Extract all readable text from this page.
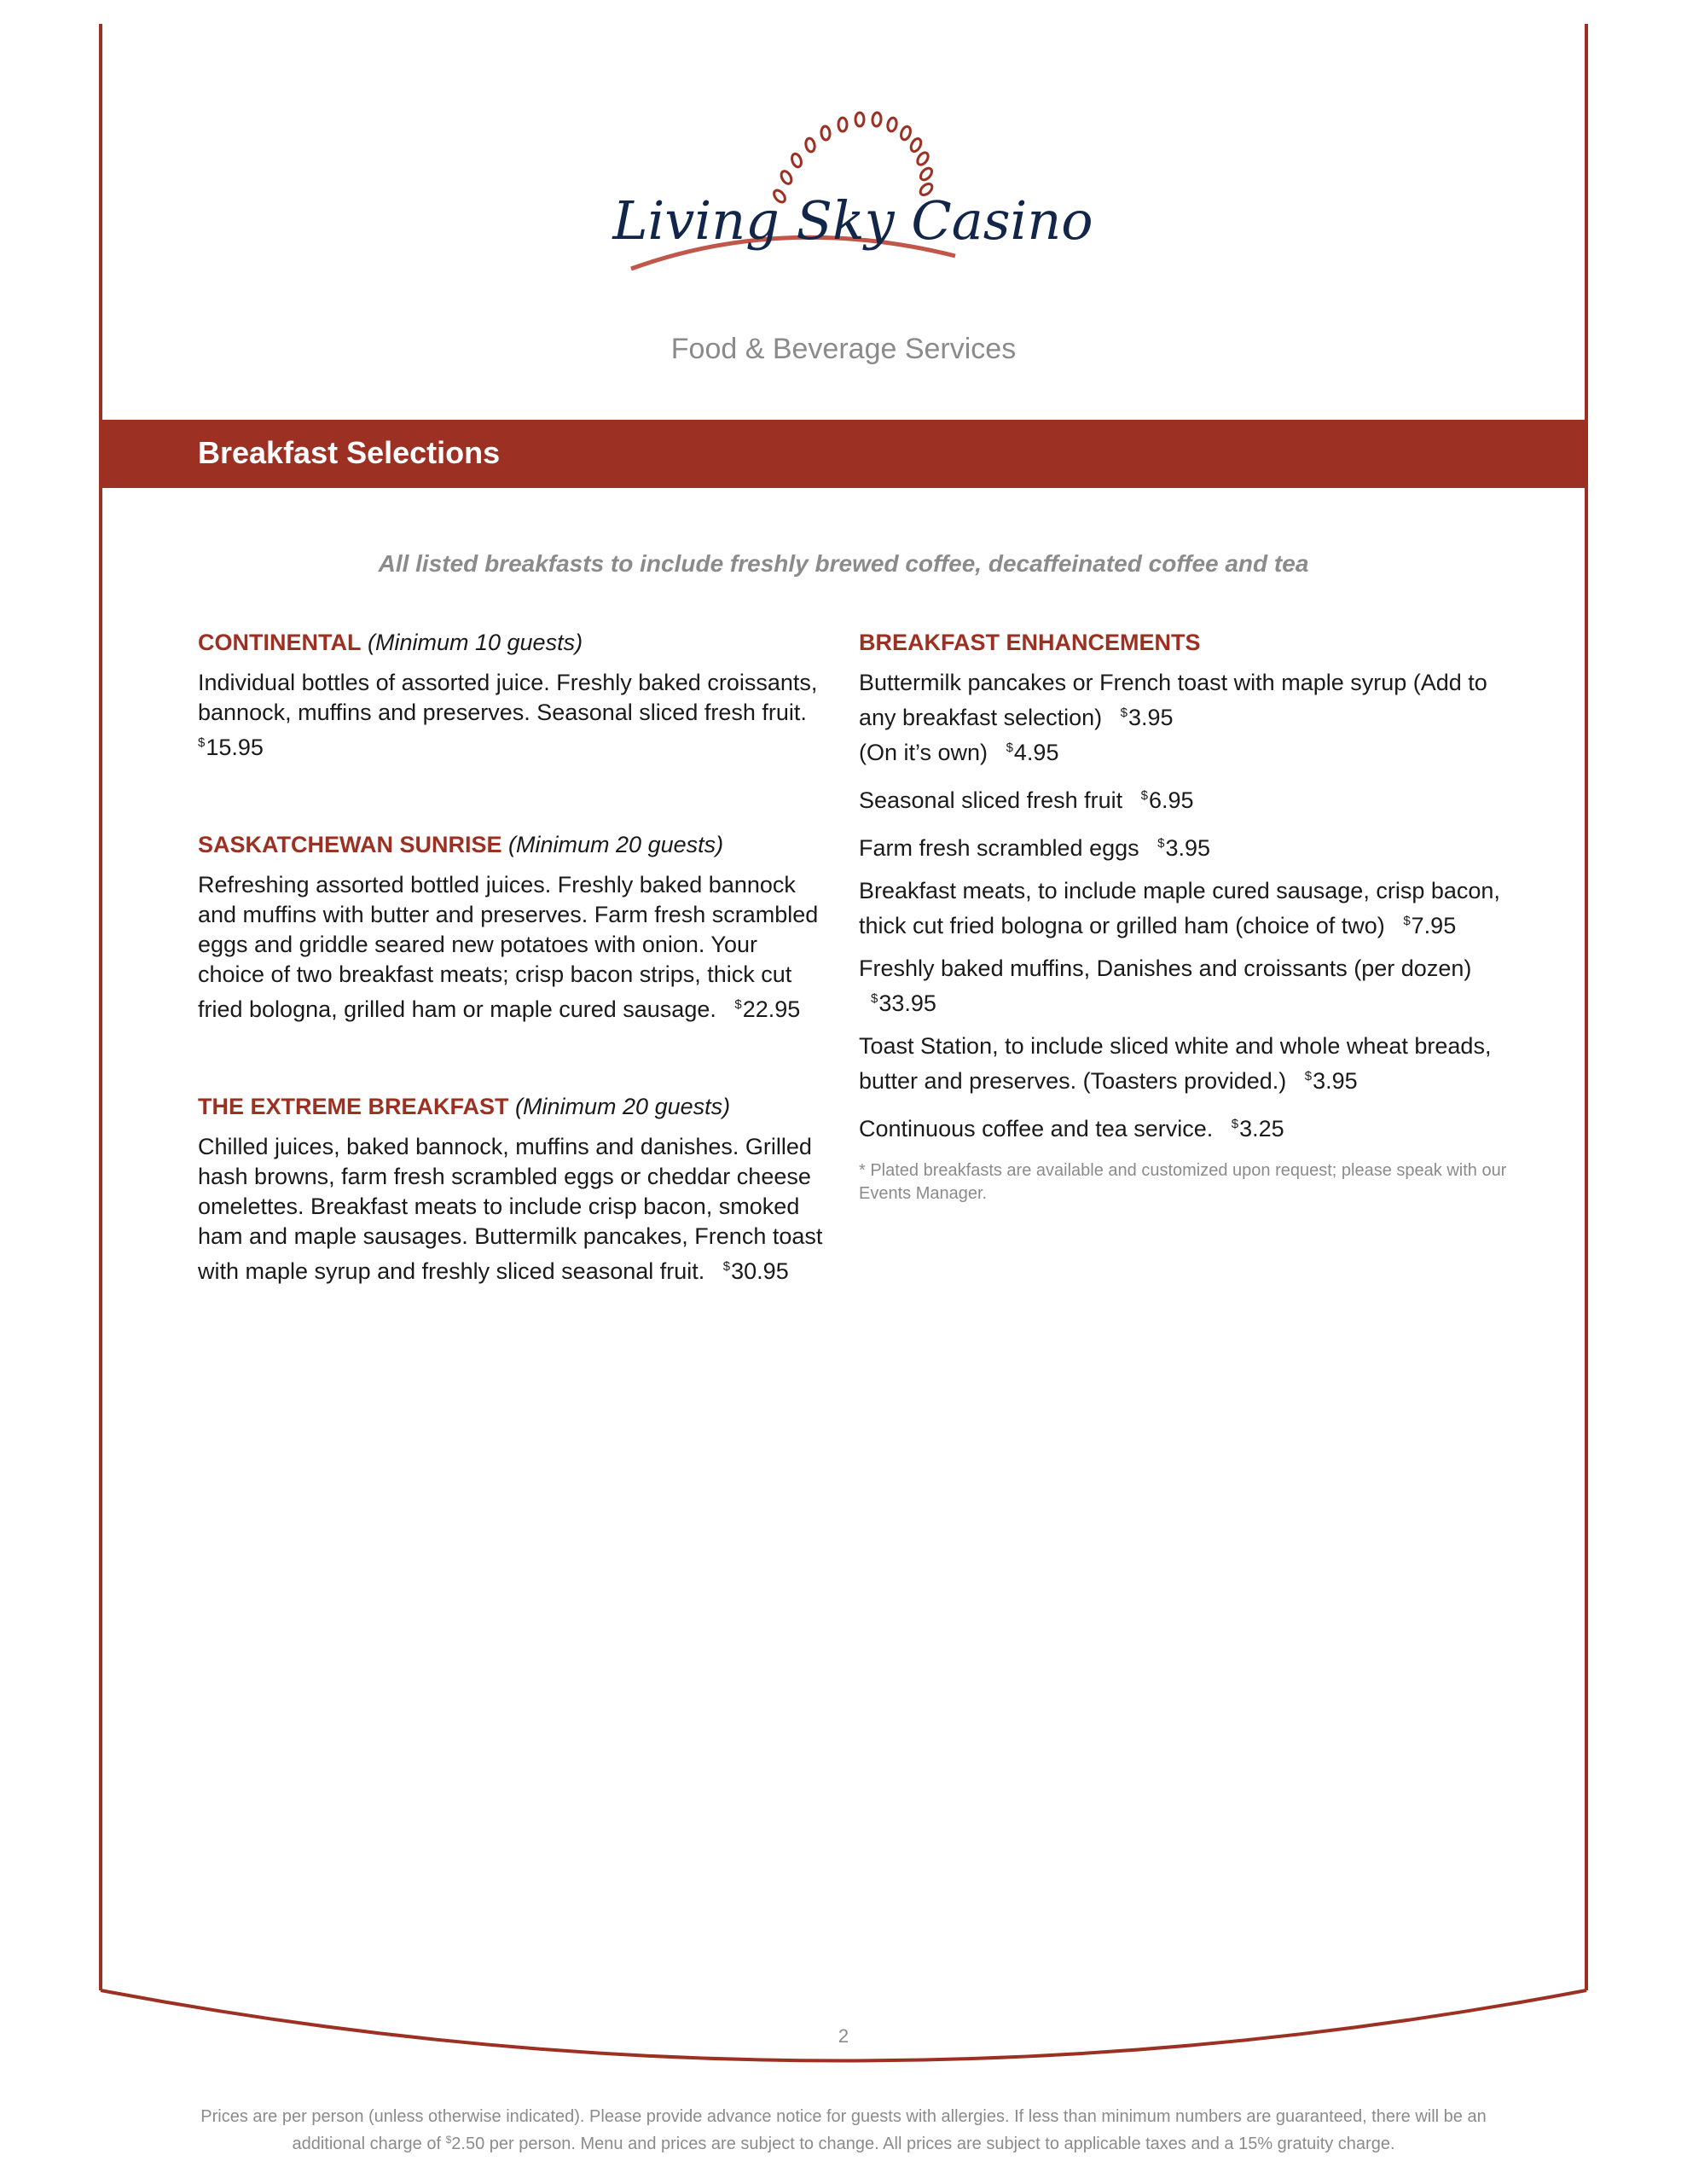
Living Sky Casino
Food & Beverage Services
Breakfast Selections
All listed breakfasts to include freshly brewed coffee, decaffeinated coffee and tea
CONTINENTAL (Minimum 10 guests)
Individual bottles of assorted juice. Freshly baked croissants, bannock, muffins and preserves. Seasonal sliced fresh fruit.
$15.95
SASKATCHEWAN SUNRISE (Minimum 20 guests)
Refreshing assorted bottled juices. Freshly baked bannock and muffins with butter and preserves. Farm fresh scrambled eggs and griddle seared new potatoes with onion. Your choice of two breakfast meats; crisp bacon strips, thick cut fried bologna, grilled ham or maple cured sausage. $22.95
THE EXTREME BREAKFAST (Minimum 20 guests)
Chilled juices, baked bannock, muffins and danishes. Grilled hash browns, farm fresh scrambled eggs or cheddar cheese omelettes. Breakfast meats to include crisp bacon, smoked ham and maple sausages. Buttermilk pancakes, French toast with maple syrup and freshly sliced seasonal fruit. $30.95
BREAKFAST ENHANCEMENTS
Buttermilk pancakes or French toast with maple syrup (Add to any breakfast selection) $3.95
(On it’s own) $4.95
Seasonal sliced fresh fruit $6.95
Farm fresh scrambled eggs $3.95
Breakfast meats, to include maple cured sausage, crisp bacon, thick cut fried bologna or grilled ham (choice of two) $7.95
Freshly baked muffins, Danishes and croissants (per dozen) $33.95
Toast Station, to include sliced white and whole wheat breads, butter and preserves. (Toasters provided.) $3.95
Continuous coffee and tea service. $3.25
* Plated breakfasts are available and customized upon request; please speak with our Events Manager.
2
Prices are per person (unless otherwise indicated). Please provide advance notice for guests with allergies. If less than minimum numbers are guaranteed, there will be an additional charge of $2.50 per person. Menu and prices are subject to change. All prices are subject to applicable taxes and a 15% gratuity charge.
